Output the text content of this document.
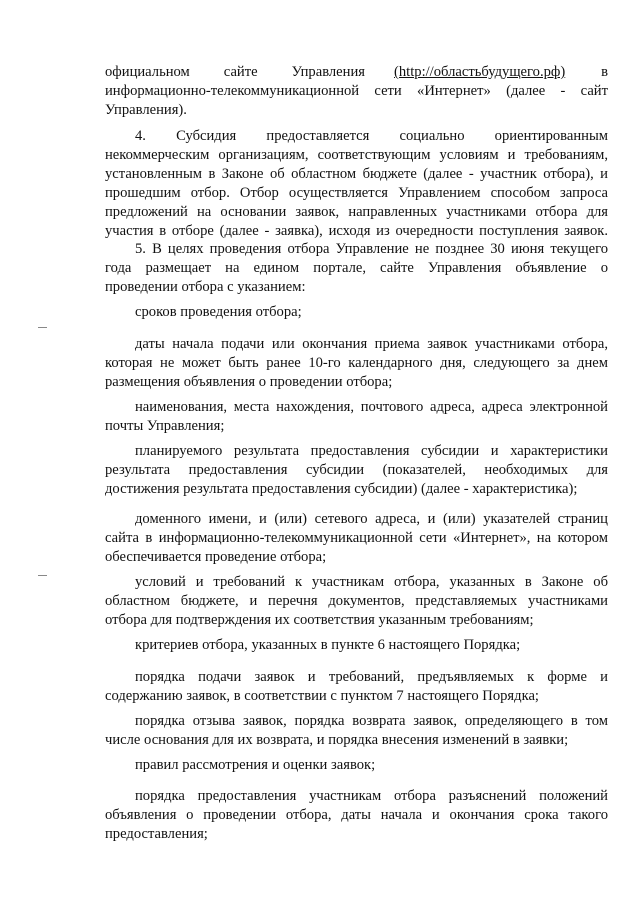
официальном сайте Управления (http://областьбудущего.рф) в
информационно-телекоммуникационной сети «Интернет» (далее - сайт
Управления).
4. Субсидия предоставляется социально ориентированным
некоммерческим организациям, соответствующим условиям и требованиям,
установленным в Законе об областном бюджете (далее - участник отбора), и
прошедшим отбор. Отбор осуществляется Управлением способом запроса
предложений на основании заявок, направленных участниками отбора для
участия в отборе (далее - заявка), исходя из очередности поступления заявок.
5. В целях проведения отбора Управление не позднее 30 июня текущего
года размещает на едином портале, сайте Управления объявление о
проведении отбора с указанием:
сроков проведения отбора;
даты начала подачи или окончания приема заявок участниками отбора,
которая не может быть ранее 10-го календарного дня, следующего за днем
размещения объявления о проведении отбора;
наименования, места нахождения, почтового адреса, адреса электронной
почты Управления;
планируемого результата предоставления субсидии и характеристики
результата предоставления субсидии (показателей, необходимых для
достижения результата предоставления субсидии) (далее - характеристика);
доменного имени, и (или) сетевого адреса, и (или) указателей страниц
сайта в информационно-телекоммуникационной сети «Интернет», на котором
обеспечивается проведение отбора;
условий и требований к участникам отбора, указанных в Законе об
областном бюджете, и перечня документов, представляемых участниками
отбора для подтверждения их соответствия указанным требованиям;
критериев отбора, указанных в пункте 6 настоящего Порядка;
порядка подачи заявок и требований, предъявляемых к форме и
содержанию заявок, в соответствии с пунктом 7 настоящего Порядка;
порядка отзыва заявок, порядка возврата заявок, определяющего в том
числе основания для их возврата, и порядка внесения изменений в заявки;
правил рассмотрения и оценки заявок;
порядка предоставления участникам отбора разъяснений положений
объявления о проведении отбора, даты начала и окончания срока такого
предоставления;
